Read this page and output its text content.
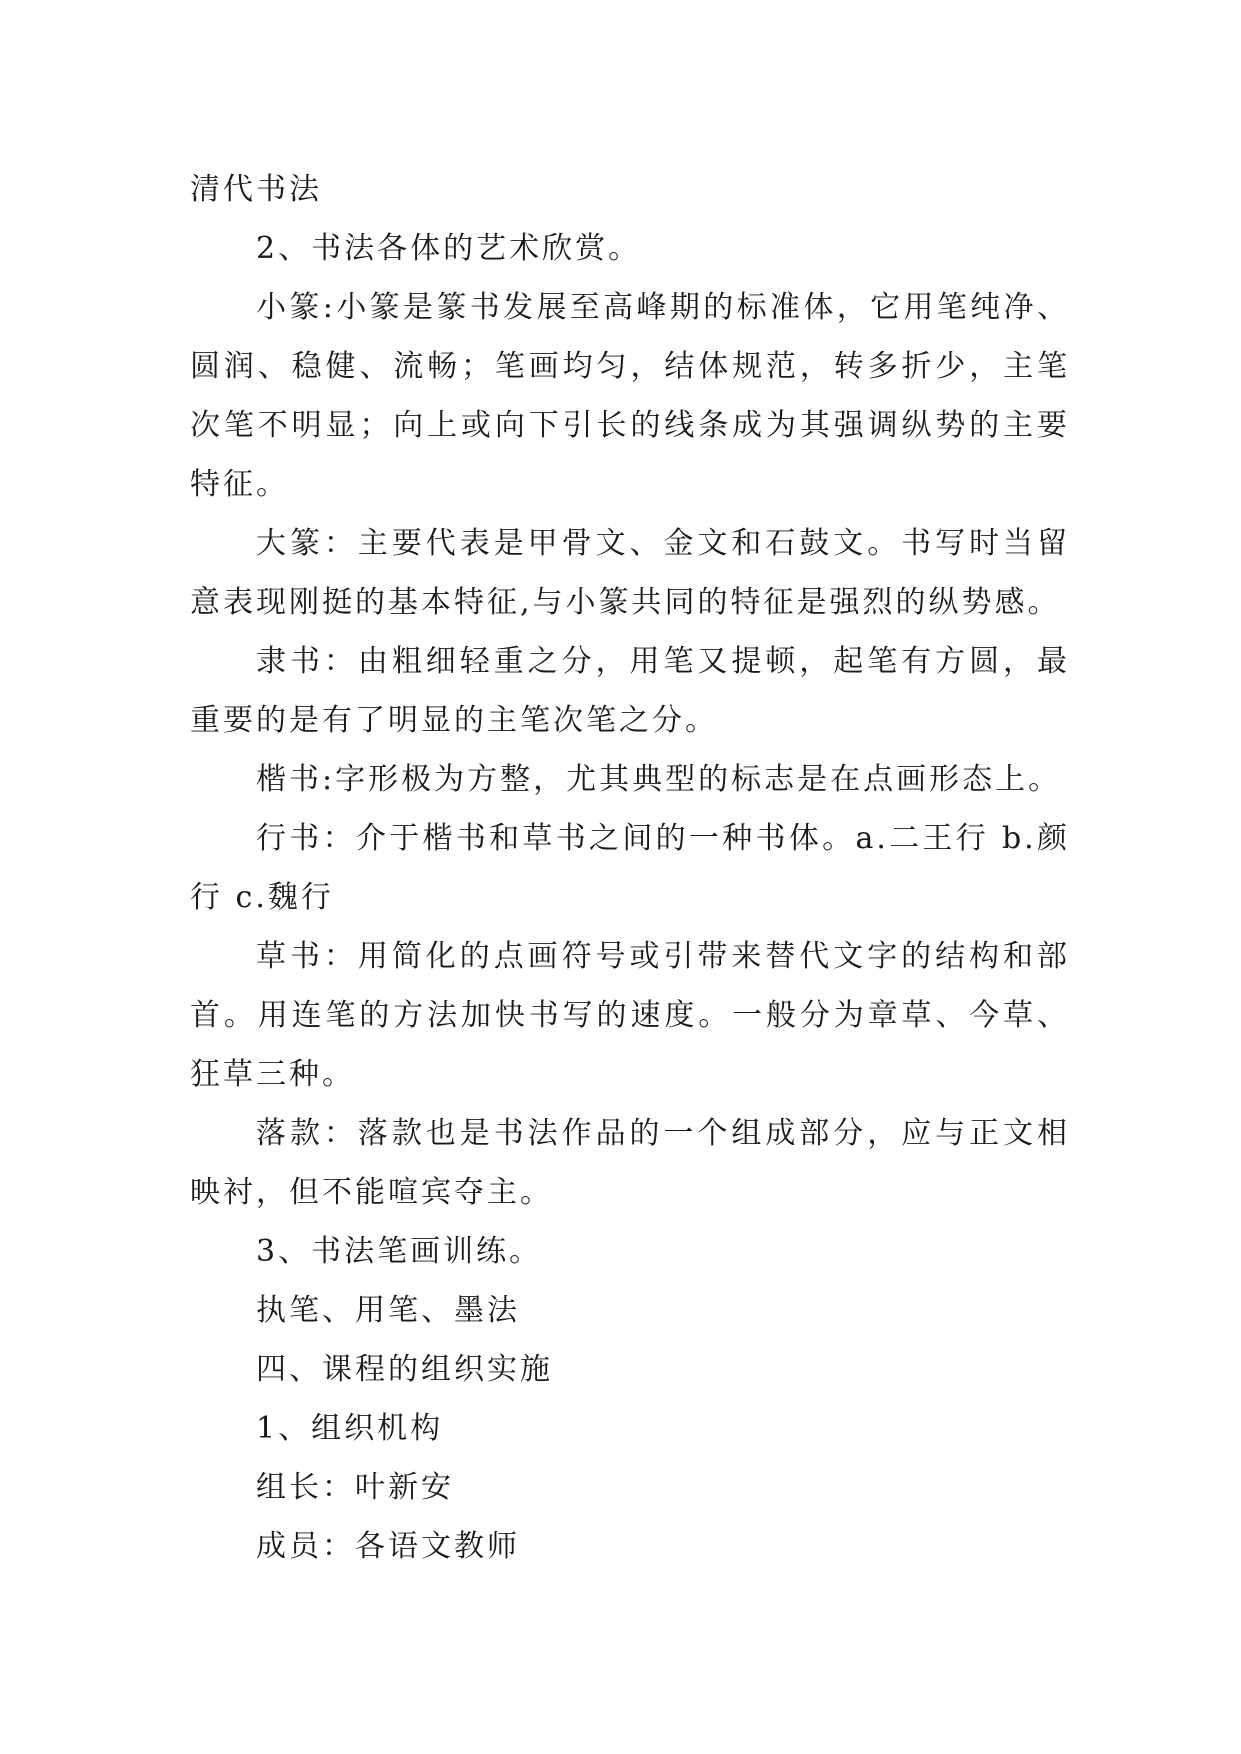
清代书法

2、书法各体的艺术欣赏。

小篆:小篆是篆书发展至高峰期的标准体，它用笔纯净、圆润、稳健、流畅；笔画均匀，结体规范，转多折少，主笔次笔不明显；向上或向下引长的线条成为其强调纵势的主要特征。

大篆：主要代表是甲骨文、金文和石鼓文。书写时当留意表现刚挺的基本特征,与小篆共同的特征是强烈的纵势感。

隶书：由粗细轻重之分，用笔又提顿，起笔有方圆，最重要的是有了明显的主笔次笔之分。

楷书:字形极为方整，尤其典型的标志是在点画形态上。

行书：介于楷书和草书之间的一种书体。a.二王行 b.颜行 c.魏行

草书：用简化的点画符号或引带来替代文字的结构和部首。用连笔的方法加快书写的速度。一般分为章草、今草、狂草三种。

落款：落款也是书法作品的一个组成部分，应与正文相映衬，但不能喧宾夺主。

3、书法笔画训练。

执笔、用笔、墨法

四、课程的组织实施

1、组织机构

组长：叶新安

成员：各语文教师
